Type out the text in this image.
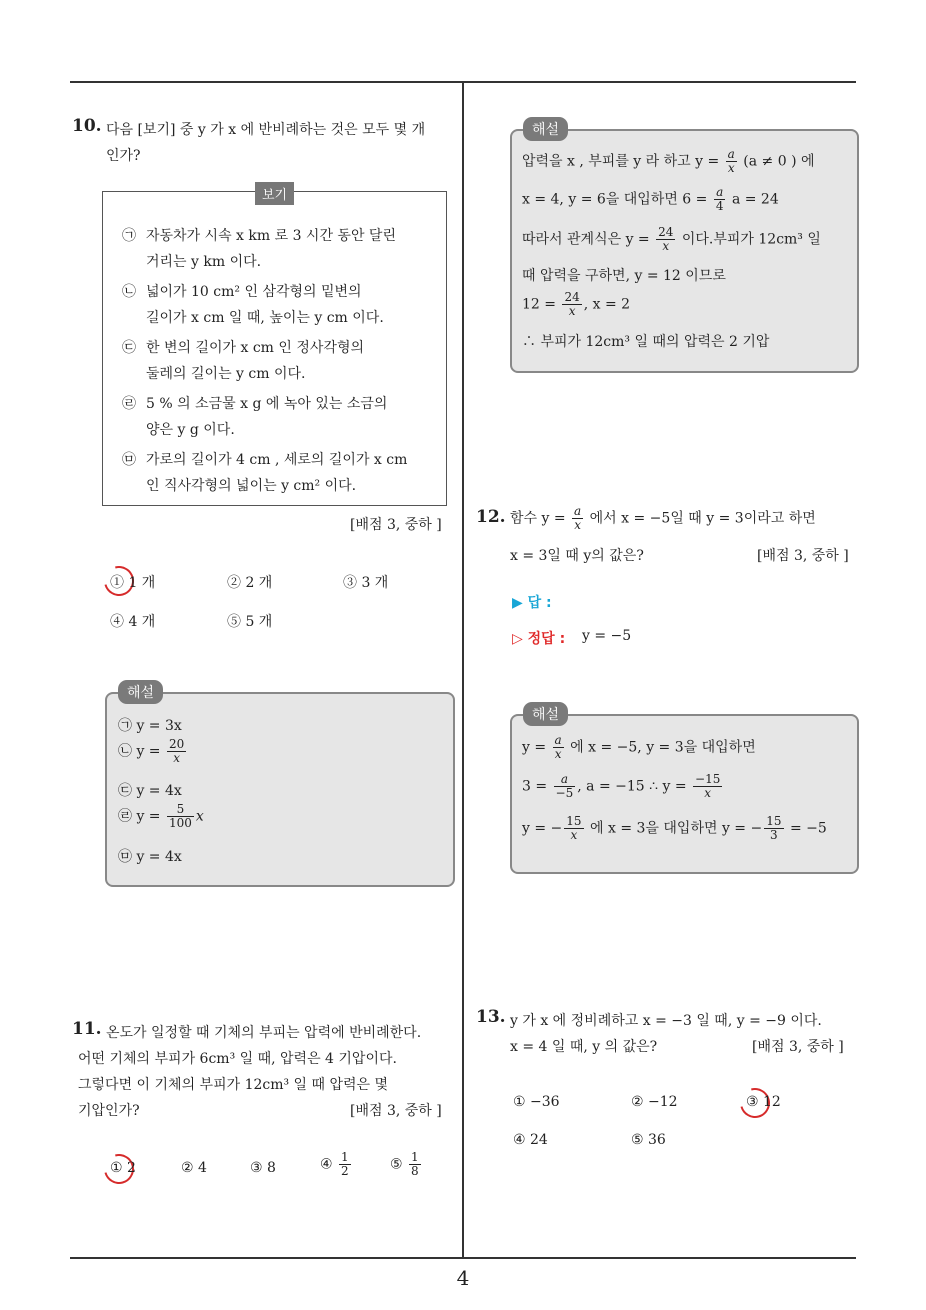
4
10. 다음 [보기] 중 y 가 x 에 반비례하는 것은 모두 몇 개
인가?
보기
㉠ 자동차가 시속 x km 로 3 시간 동안 달린
거리는 y km 이다.
㉡ 넓이가 10 cm² 인 삼각형의 밑변의
길이가 x cm 일 때, 높이는 y cm 이다.
㉢ 한 변의 길이가 x cm 인 정사각형의
둘레의 길이는 y cm 이다.
㉣ 5 % 의 소금물 x g 에 녹아 있는 소금의
양은 y g 이다.
㉤ 가로의 길이가 4 cm , 세로의 길이가 x cm
인 직사각형의 넓이는 y cm² 이다.
[배점 3, 중하 ]
① 1 개	② 2 개	③ 3 개
④ 4 개	⑤ 5 개
해설
㉠ y = 3x
㉡ $y = \frac{20}{x}$
㉢ y = 4x
㉣ $y = \frac{5}{100}$ x
㉤ y = 4x
11. 온도가 일정할 때 기체의 부피는 압력에 반비례한다.
어떤 기체의 부피가 6cm³ 일 때, 압력은 4 기압이다.
그렇다면 이 기체의 부피가 12cm³ 일 때 압력은 몇
기압인가?	[배점 3, 중하 ]
① 2	② 4	③ 8	④ $\frac{1}{2}$	⑤ $\frac{1}{8}$
해설
압력을 x , 부피를 y 라 하고 $y = \frac{a}{x} (a \ne 0$ ) 에
x = 4, y = 6을 대입하면 $6 = \frac{a}{4}$ a = 24
따라서 관계식은 $y = \frac{24}{x}$ 이다.부피가 12cm³ 일
때 압력을 구하면, y = 12 이므로
$12 = \frac{24}{x}$ , x = 2
∴ 부피가 12cm³ 일 때의 압력은 2 기압
12. 함수 $y = \frac{a}{x}$ 에서 x = −5일 때 y = 3이라고 하면
x = 3일 때 y의 값은?	[배점 3, 중하 ]
▶ 답 :
▷ 정답 : y = −5
해설
$y = \frac{a}{x}$ 에 x = −5, y = 3을 대입하면
$3 = \frac{a}{-5}$ , a = −15 ∴ $y = \frac{-15}{x}$
y = − $\frac{15}{x}$ 에 x = 3을 대입하면 y = − $\frac{15}{3} = -5$
13. y 가 x 에 정비례하고 x = −3 일 때, y = −9 이다.
x = 4 일 때, y 의 값은?	[배점 3, 중하 ]
① −36	② −12	③ 12
④ 24	⑤ 36
